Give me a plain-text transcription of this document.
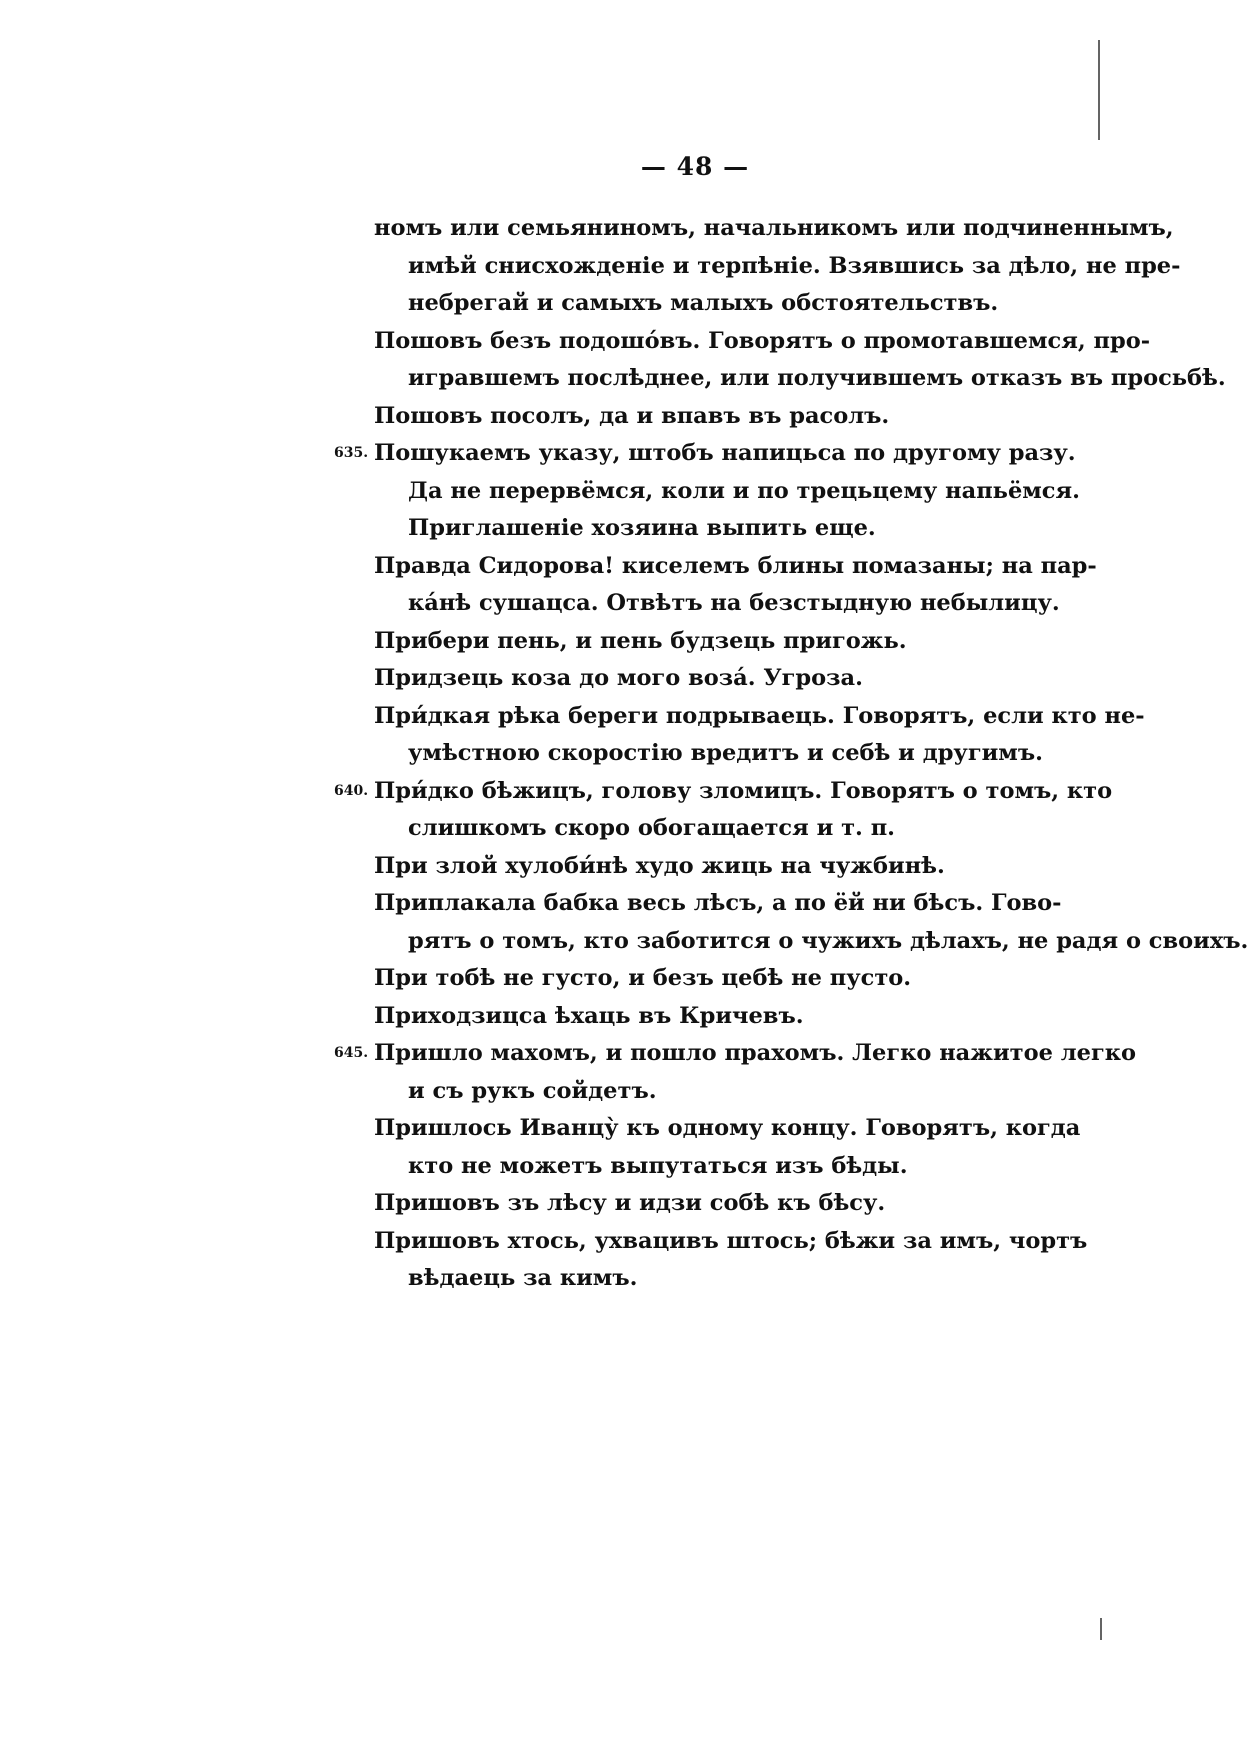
— 48 —
номъ или семьяниномъ, начальникомъ или подчиненнымъ,
имѣй снисхожденіе и терпѣніе. Взявшись за дѣло, не пре-
небрегай и самыхъ малыхъ обстоятельствъ.
Пошовъ безъ подошо́въ. Говорятъ о промотавшемся, про-
игравшемъ послѣднее, или получившемъ отказъ въ просьбѣ.
Пошовъ посолъ, да и впавъ въ расолъ.
635. Пошукаемъ указу, штобъ напицьса по другому разу.
Да не перервёмся, коли и по трецьцему напьёмся.
Приглашеніе хозяина выпить еще.
Правда Сидорова! киселемъ блины помазаны; на пар-
ка́нѣ сушацса. Отвѣтъ на безстыдную небылицу.
Прибери пень, и пень будзець пригожь.
Придзець коза до мого воза́. Угроза.
При́дкая рѣка береги подрываець. Говорятъ, если кто не-
умѣстною скоростію вредитъ и себѣ и другимъ.
640. При́дко бѣжицъ, голову зломицъ. Говорятъ о томъ, кто
слишкомъ скоро обогащается и т. п.
При злой хулоби́нѣ худо жиць на чужбинѣ.
Приплакала бабка весь лѣсъ, а по ёй ни бѣсъ. Гово-
рятъ о томъ, кто заботится о чужихъ дѣлахъ, не радя о своихъ.
При тобѣ не густо, и безъ цебѣ не пусто.
Приходзицса ѣхаць въ Кричевъ.
645. Пришло махомъ, и пошло прахомъ. Легко нажитое легко
и съ рукъ сойдетъ.
Пришлось Иванцу̀ къ одному концу. Говорятъ, когда
кто не можетъ выпутаться изъ бѣды.
Пришовъ зъ лѣсу и идзи собѣ къ бѣсу.
Пришовъ хтось, ухвацивъ штось; бѣжи за имъ, чортъ
вѣдаець за кимъ.
